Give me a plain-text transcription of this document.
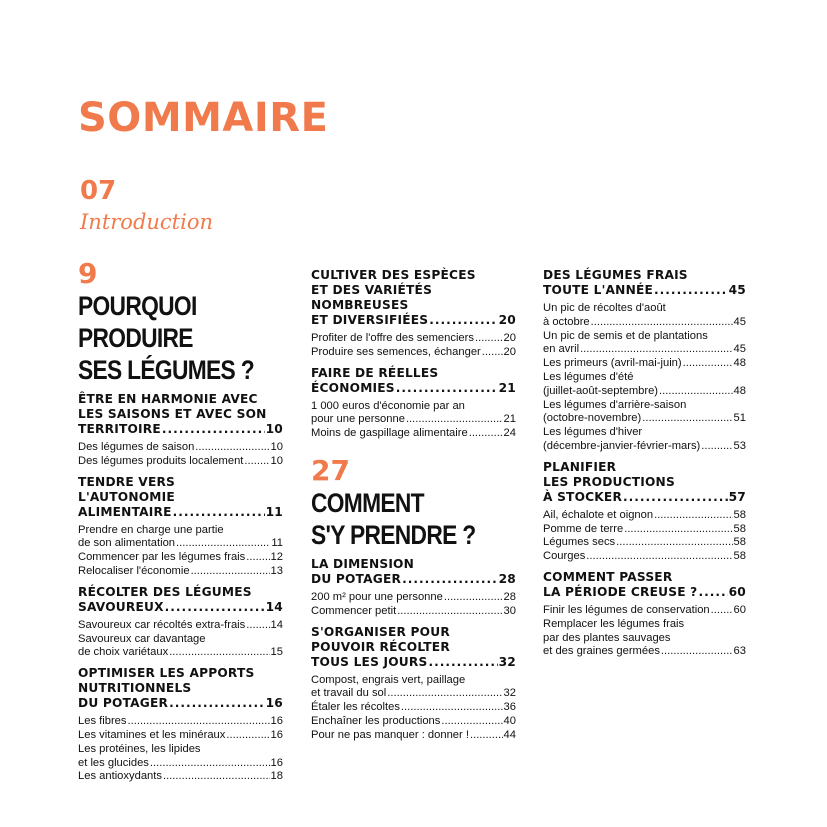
SOMMAIRE
07
Introduction
9
POURQUOI PRODUIRE
SES LÉGUMES ?
ÊTRE EN HARMONIE AVEC
LES SAISONS ET AVEC SON
TERRITOIRE .....	10
Des légumes de saison .....	10
Des légumes produits localement ..... 10
TENDRE VERS
L'AUTONOMIE
ALIMENTAIRE .....	11
Prendre en charge une partie
de son alimentation .....	11
Commencer par les légumes frais ..... 12
Relocaliser l'économie .....	13
RÉCOLTER DES LÉGUMES
SAVOUREUX .....	14
Savoureux car récoltés extra-frais ..... 14
Savoureux car davantage
de choix variétaux .....	15
OPTIMISER LES APPORTS
NUTRITIONNELS
DU POTAGER .....	16
Les fibres .....	16
Les vitamines et les minéraux .....	16
Les protéines, les lipides
et les glucides .....	16
Les antioxydants .....	18
CULTIVER DES ESPÈCES
ET DES VARIÉTÉS
NOMBREUSES
ET DIVERSIFIÉES .....	20
Profiter de l'offre des semenciers .....	20
Produire ses semences, échanger ..... 20
FAIRE DE RÉELLES
ÉCONOMIES .....	21
1 000 euros d'économie par an
pour une personne .....	21
Moins de gaspillage alimentaire .....	24
27
COMMENT
S'Y PRENDRE ?
LA DIMENSION
DU POTAGER .....	28
200 m² pour une personne .....	28
Commencer petit .....	30
S'ORGANISER POUR
POUVOIR RÉCOLTER
TOUS LES JOURS .....	32
Compost, engrais vert, paillage
et travail du sol .....	32
Étaler les récoltes .....	36
Enchaîner les productions .....	40
Pour ne pas manquer : donner ! .....	44
DES LÉGUMES FRAIS
TOUTE L'ANNÉE .....	45
Un pic de récoltes d'août
à octobre .....	45
Un pic de semis et de plantations
en avril .....	45
Les primeurs (avril-mai-juin) .....	48
Les légumes d'été
(juillet-août-septembre) .....	48
Les légumes d'arrière-saison
(octobre-novembre) .....	51
Les légumes d'hiver
(décembre-janvier-février-mars) .....	53
PLANIFIER
LES PRODUCTIONS
À STOCKER .....	57
Ail, échalote et oignon .....	58
Pomme de terre .....	58
Légumes secs .....	58
Courges .....	58
COMMENT PASSER
LA PÉRIODE CREUSE ? .....	60
Finir les légumes de conservation ..... 60
Remplacer les légumes frais
par des plantes sauvages
et des graines germées .....	63
